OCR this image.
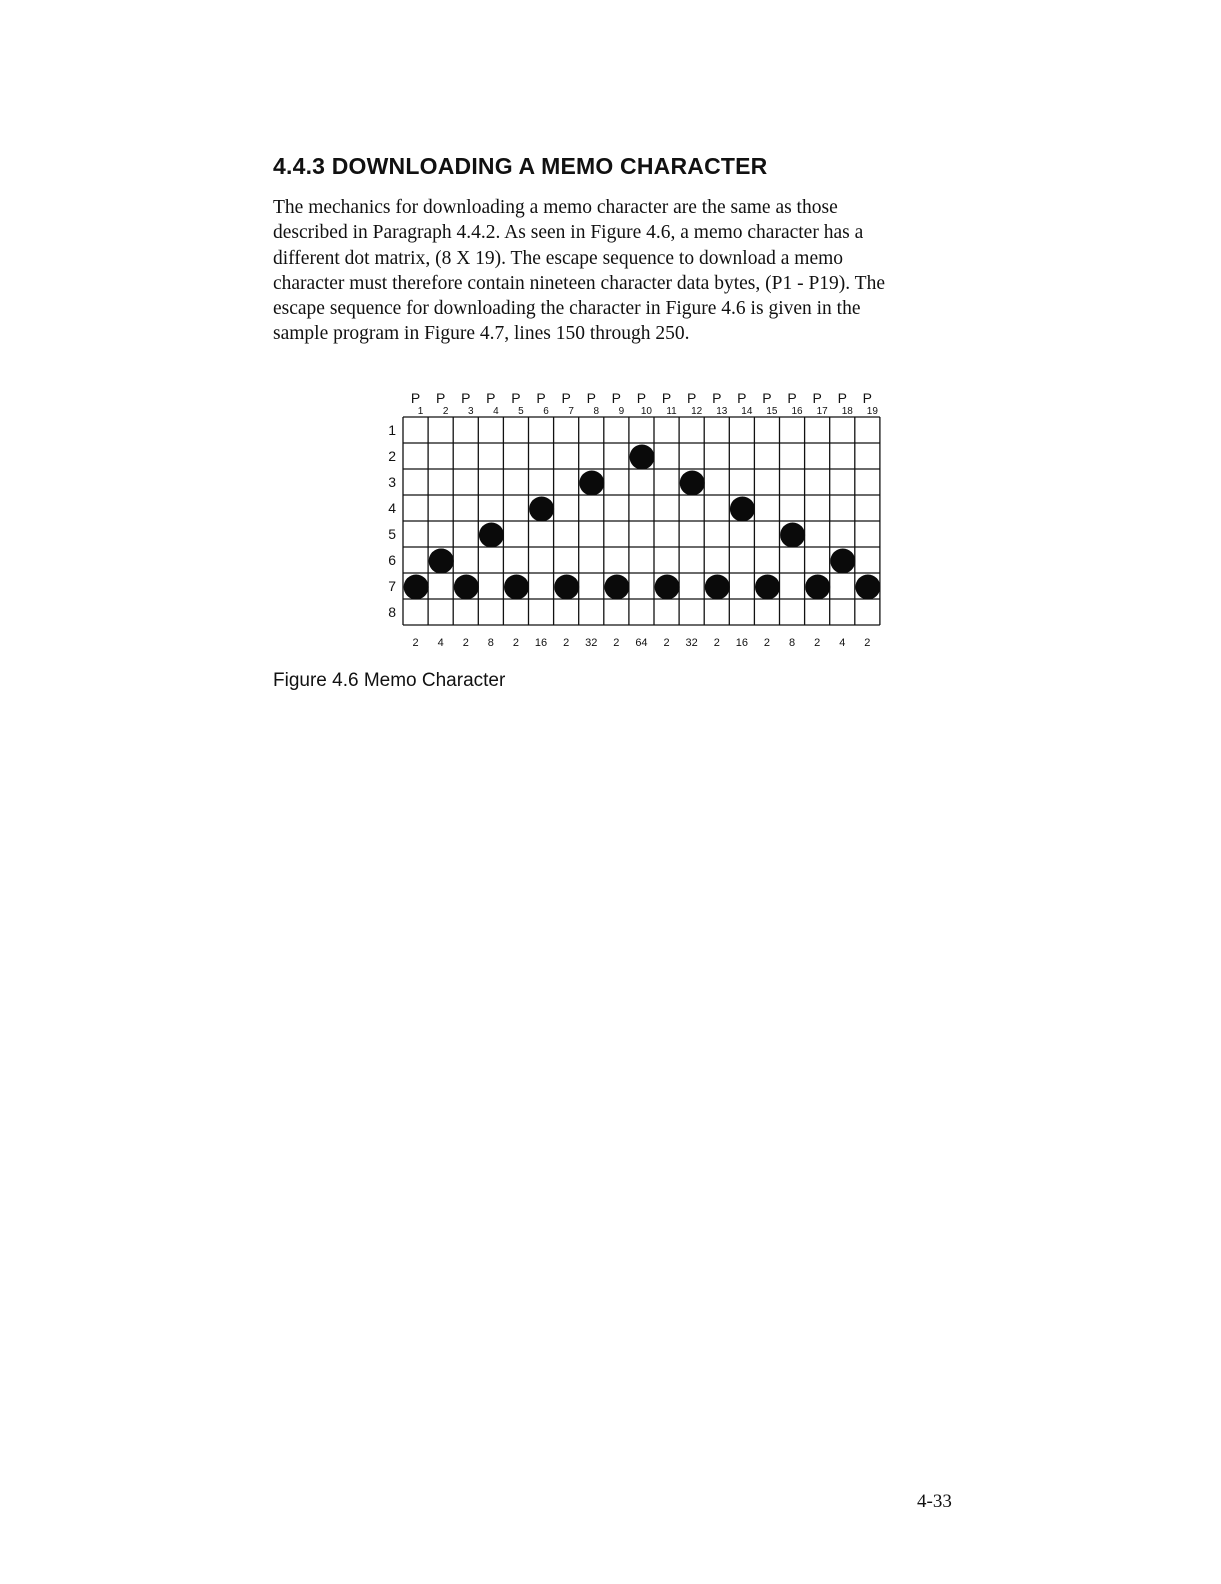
4.4.3 DOWNLOADING A MEMO CHARACTER

The mechanics for downloading a memo character are the same as those
described in Paragraph 4.4.2. As seen in Figure 4.6, a memo character has a
different dot matrix, (8 X 19). The escape sequence to download a memo
character must therefore contain nineteen character data bytes, (P1 - P19). The
escape sequence for downloading the character in Figure 4.6 is given in the
sample program in Figure 4.7, lines 150 through 250.

P
1
P
2
P
3
P
4
P
5
P
6
P
7
P
8
P
9
P
10
P
11
P
12
P
13
P
14
P
15
P
16
P
17
P
18
P
19
1
2
3
4
5
6
7
8
2 4 2 8 2 16 2 32 2 64 2 32 2 16 2 8 2 4 2

Figure 4.6 Memo Character

4-33
